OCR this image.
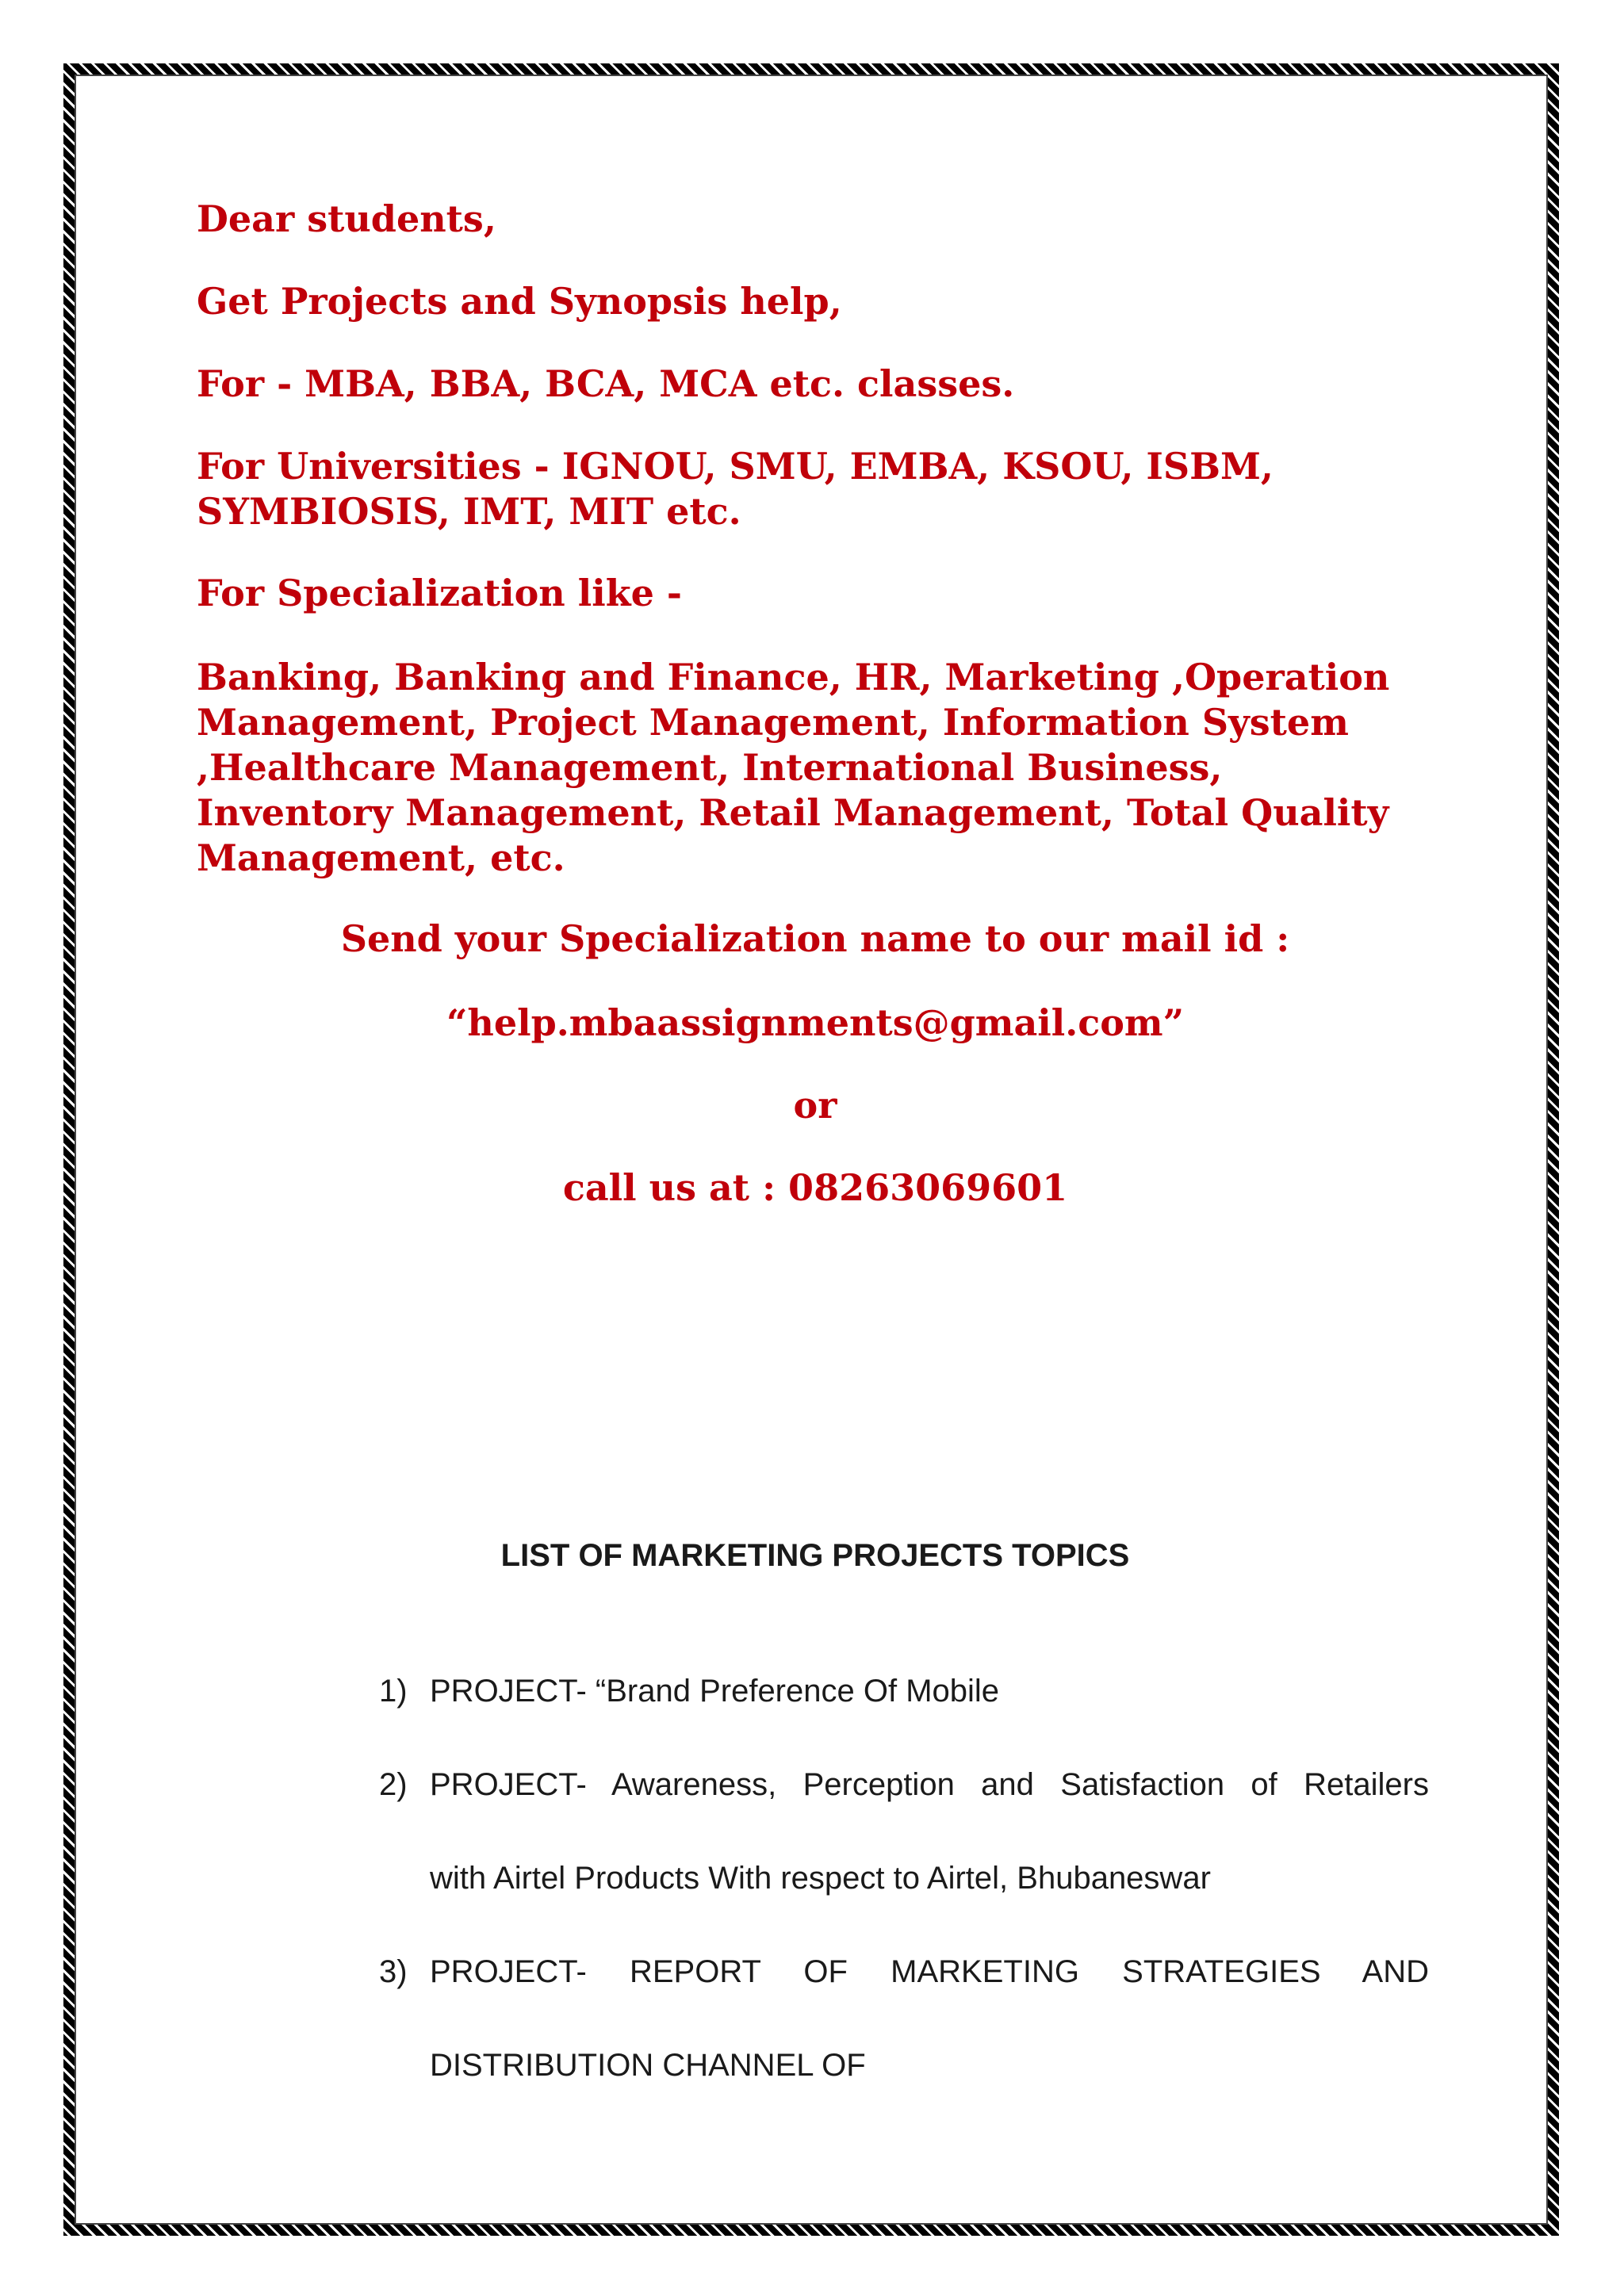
Dear students,

Get Projects and Synopsis help,

For - MBA, BBA, BCA, MCA etc. classes.

For Universities - IGNOU, SMU, EMBA, KSOU, ISBM, SYMBIOSIS, IMT, MIT etc.

For Specialization like -

Banking, Banking and Finance, HR, Marketing ,Operation Management, Project Management, Information System ,Healthcare Management, International Business, Inventory Management, Retail Management, Total Quality Management, etc.

Send your Specialization name to our mail id :

“help.mbaassignments@gmail.com”

or

call us at : 08263069601

LIST OF MARKETING PROJECTS TOPICS
1) PROJECT- “Brand Preference Of Mobile
2) PROJECT- Awareness, Perception and Satisfaction of Retailers
with Airtel Products With respect to Airtel, Bhubaneswar
3) PROJECT- REPORT OF MARKETING STRATEGIES AND
DISTRIBUTION CHANNEL OF
